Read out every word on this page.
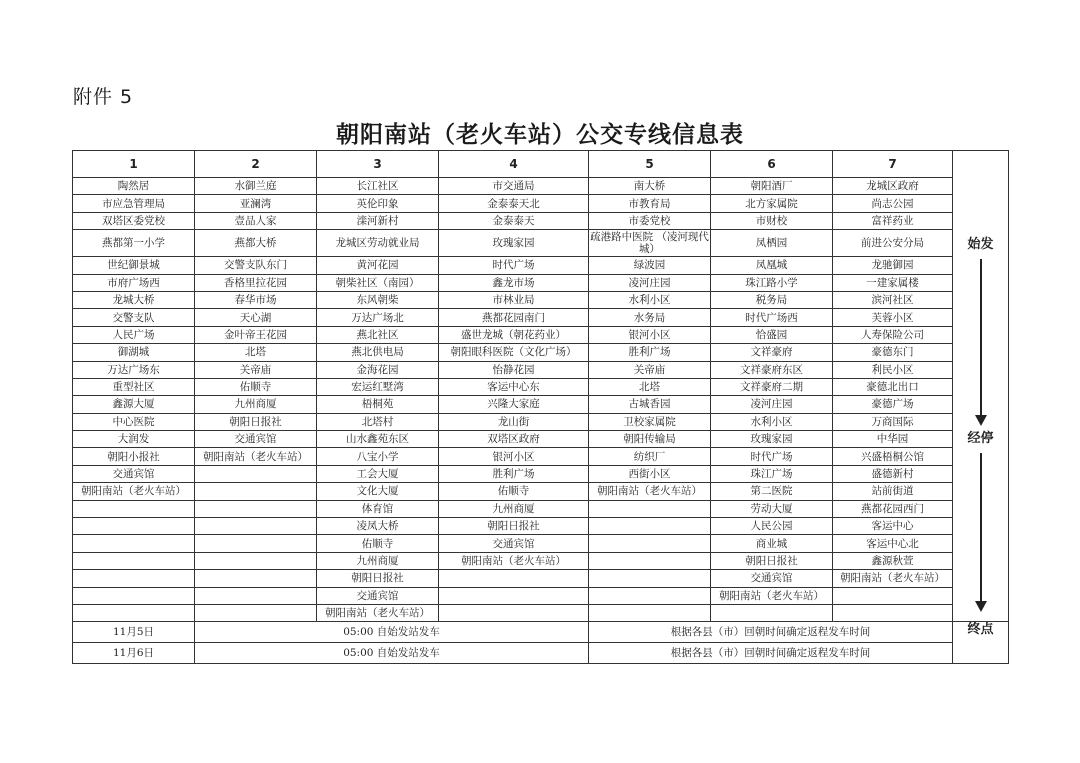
附件 5
朝阳南站（老火车站）公交专线信息表
1	2	3	4	5	6	7	始发
经停

陶然居	水御兰庭	长江社区	市交通局	南大桥	朝阳酒厂	龙城区政府	
市应急管理局	亚澜湾	英伦印象	金泰泰天北	市教育局	北方家属院	尚志公园	
双塔区委党校	壹品人家	滦河新村	金泰泰天	市委党校	市财校	富祥药业	
燕都第一小学	燕都大桥	龙城区劳动就业局	玫瑰家园	疏港路中医院 （凌河现代城）	凤栖园	前进公安分局	
世纪御景城	交警支队东门	黄河花园	时代广场	绿波园	凤凰城	龙驰御园	
市府广场西	香格里拉花园	朝柴社区（南园）	鑫龙市场	凌河庄园	珠江路小学	一建家属楼	
龙城大桥	春华市场	东风朝柴	市林业局	水利小区	税务局	滨河社区	
交警支队	天心湖	万达广场北	燕都花园南门	水务局	时代广场西	芙蓉小区	
人民广场	金叶帝王花园	燕北社区	盛世龙城（朝花药业）	银河小区	恰盛园	人寿保险公司	
御湖城	北塔	燕北供电局	朝阳眼科医院（文化广场）	胜利广场	文祥豪府	豪德东门	
万达广场东	关帝庙	金海花园	怡静花园	关帝庙	文祥豪府东区	利民小区	
重型社区	佑顺寺	宏运红墅湾	客运中心东	北塔	文祥豪府二期	豪德北出口	
鑫源大厦	九州商厦	梧桐苑	兴隆大家庭	古城香园	凌河庄园	豪德广场	
中心医院	朝阳日报社	北塔村	龙山街	卫校家属院	水利小区	万商国际	
大润发	交通宾馆	山水鑫苑东区	双塔区政府	朝阳传输局	玫瑰家园	中华园	
朝阳小报社	朝阳南站（老火车站）	八宝小学	银河小区	纺织厂	时代广场	兴盛梧桐公馆	
交通宾馆		工会大厦	胜利广场	西街小区	珠江广场	盛德新村	
朝阳南站（老火车站）		文化大厦	佑顺寺	朝阳南站（老火车站）	第二医院	站前街道	
		体育馆	九州商厦		劳动大厦	燕都花园西门	
		凌凤大桥	朝阳日报社		人民公园	客运中心	
		佑顺寺	交通宾馆		商业城	客运中心北	
		九州商厦	朝阳南站（老火车站）		朝阳日报社	鑫源秋萱	
		朝阳日报社			交通宾馆	朝阳南站（老火车站）	
		交通宾馆			朝阳南站（老火车站）		
		朝阳南站（老火车站）					
11月5日	05:00 自始发站发车			根据各县（市）回朝时间确定返程发车时间			终点

11月6日	05:00 自始发站发车			根据各县（市）回朝时间确定返程发车时间			
